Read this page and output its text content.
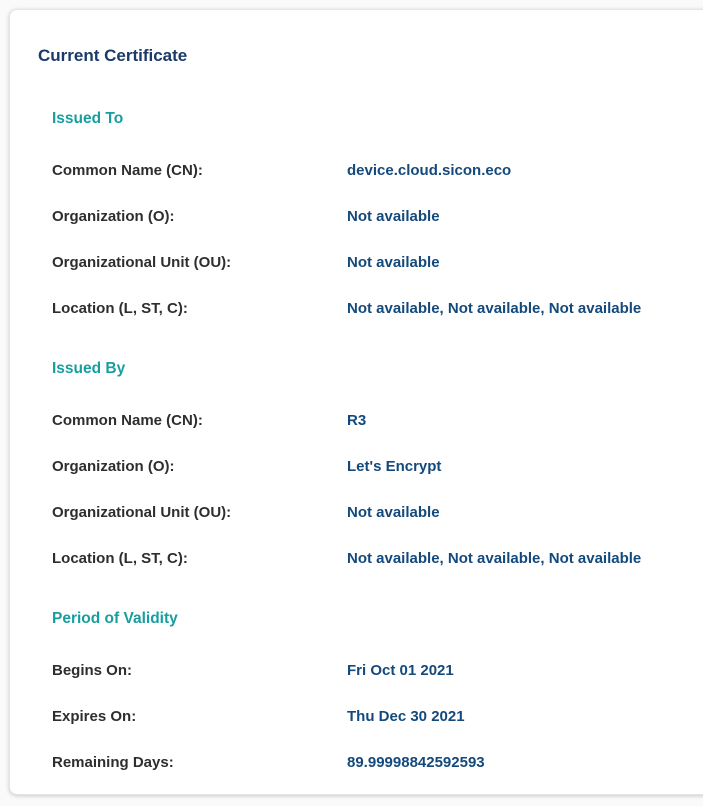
Current Certificate
Issued To
Common Name (CN):	device.cloud.sicon.eco
Organization (O):	Not available
Organizational Unit (OU):	Not available
Location (L, ST, C):	Not available, Not available, Not available
Issued By
Common Name (CN):	R3
Organization (O):	Let's Encrypt
Organizational Unit (OU):	Not available
Location (L, ST, C):	Not available, Not available, Not available
Period of Validity
Begins On:	Fri Oct 01 2021
Expires On:	Thu Dec 30 2021
Remaining Days:	89.99998842592593
